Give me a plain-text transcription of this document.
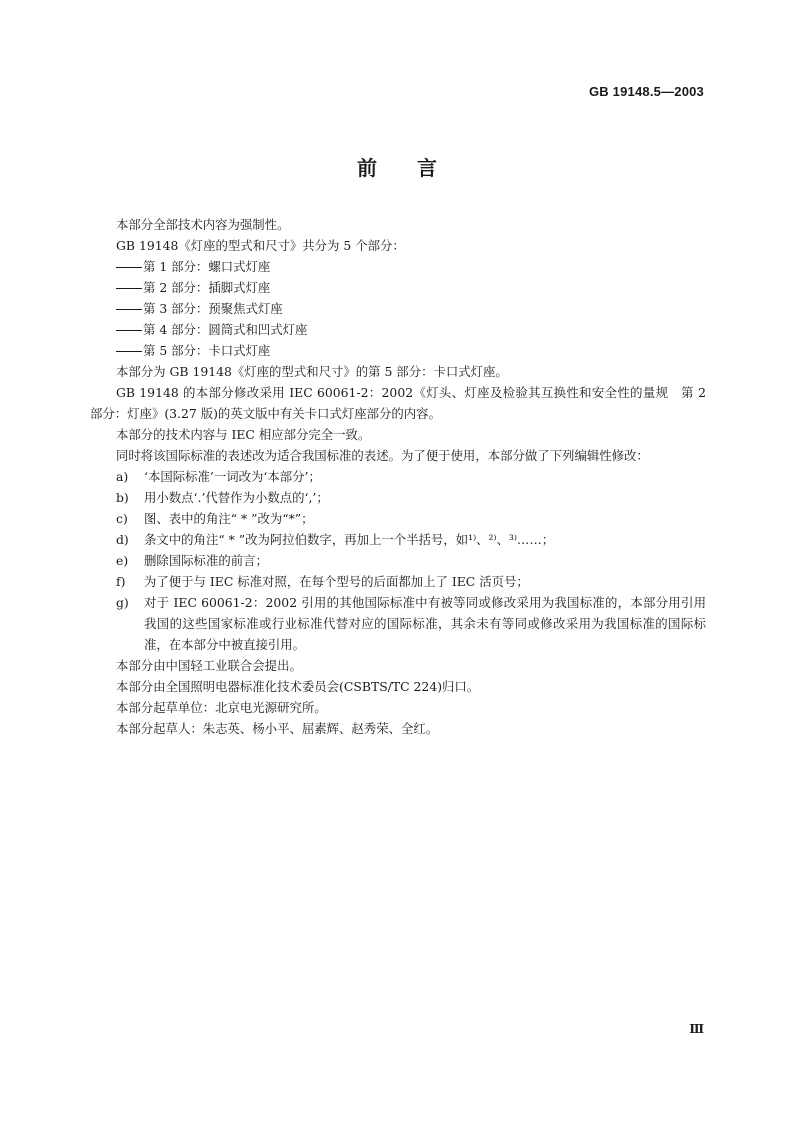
GB 19148.5—2003
前言

本部分全部技术内容为强制性。

GB 19148《灯座的型式和尺寸》共分为 5 个部分：

第 1 部分：螺口式灯座

第 2 部分：插脚式灯座

第 3 部分：预聚焦式灯座

第 4 部分：圆筒式和凹式灯座

第 5 部分：卡口式灯座

本部分为 GB 19148《灯座的型式和尺寸》的第 5 部分：卡口式灯座。

GB 19148 的本部分修改采用 IEC 60061-2：2002《灯头、灯座及检验其互换性和安全性的量规　第 2 部分：灯座》(3.27 版)的英文版中有关卡口式灯座部分的内容。

本部分的技术内容与 IEC 相应部分完全一致。

同时将该国际标准的表述改为适合我国标准的表述。为了便于使用，本部分做了下列编辑性修改：

a)	‘本国际标准’一词改为‘本部分’；
b)	用小数点‘.’代替作为小数点的‘,’；
c)	图、表中的角注“ * ”改为“*”；
d)	条文中的角注“ * ”改为阿拉伯数字，再加上一个半括号，如¹⁾、²⁾、³⁾……；
e)	删除国际标准的前言；
f)	为了便于与 IEC 标准对照，在每个型号的后面都加上了 IEC 活页号；
g)	对于 IEC 60061-2：2002 引用的其他国际标准中有被等同或修改采用为我国标准的，本部分用引用我国的这些国家标准或行业标准代替对应的国际标准，其余未有等同或修改采用为我国标准的国际标准，在本部分中被直接引用。

本部分由中国轻工业联合会提出。

本部分由全国照明电器标准化技术委员会(CSBTS/TC 224)归口。

本部分起草单位：北京电光源研究所。

本部分起草人：朱志英、杨小平、屈素辉、赵秀荣、全红。

Ⅲ
